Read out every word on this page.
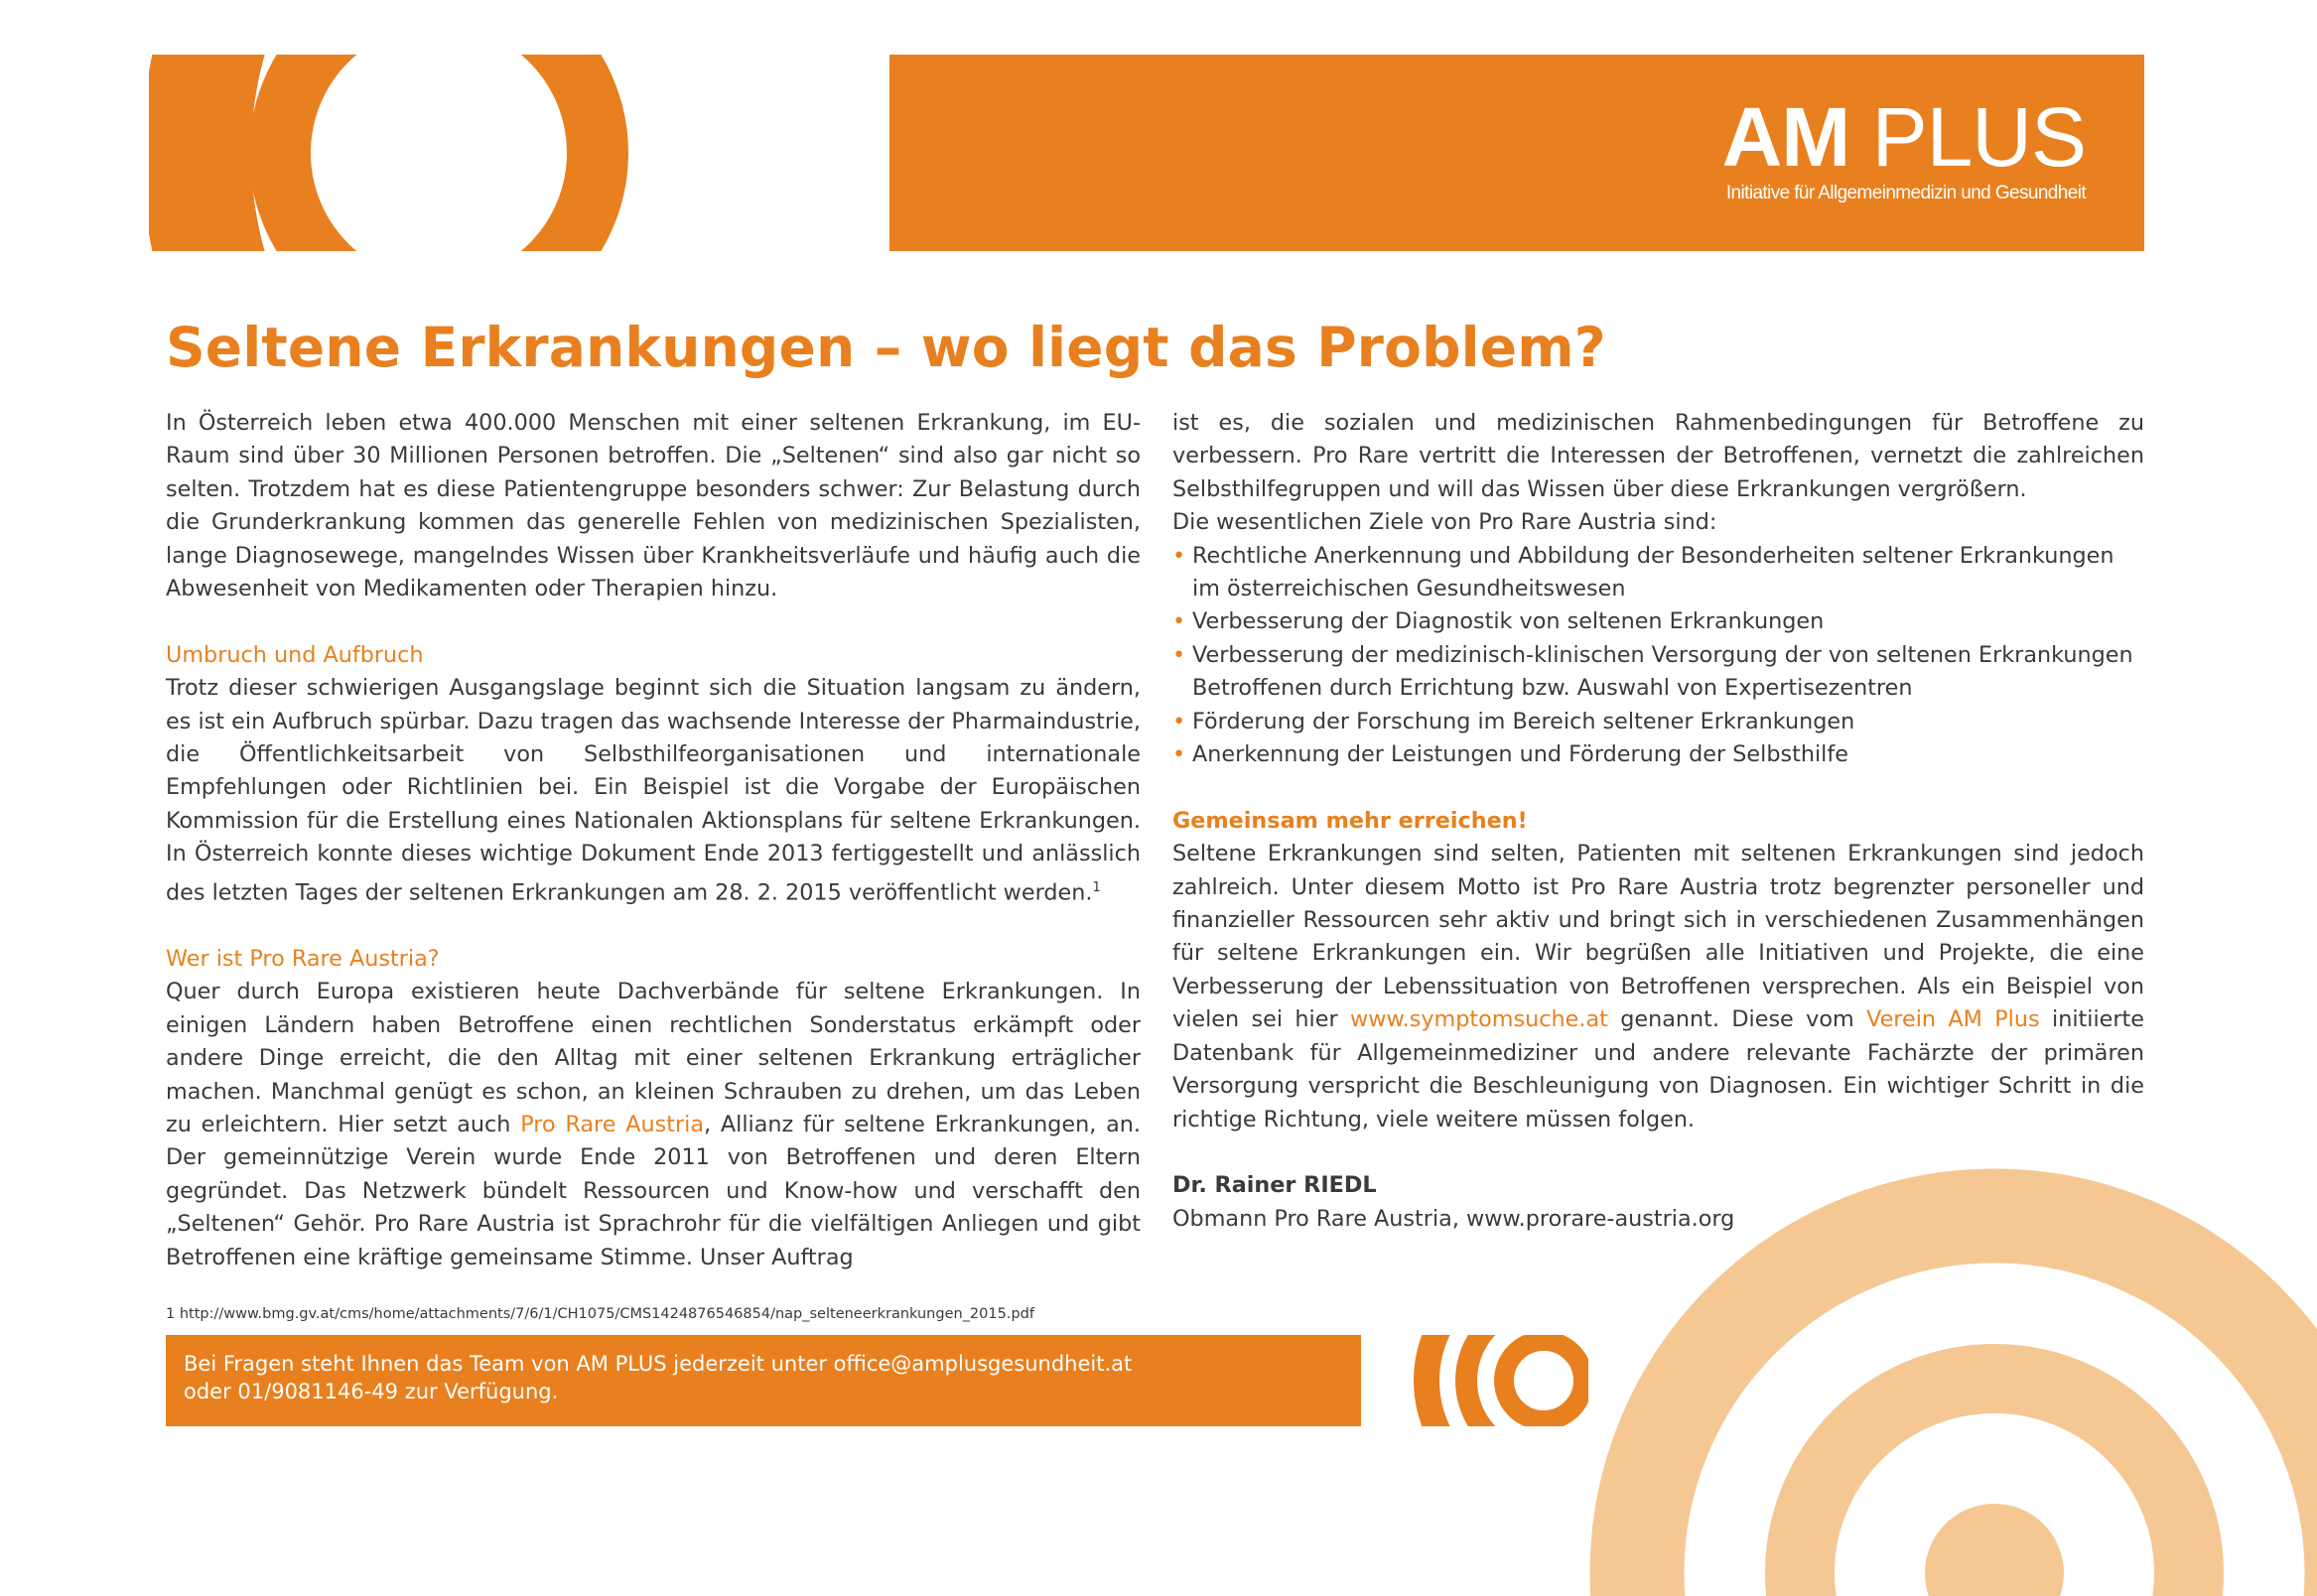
AM PLUS
Initiative für Allgemeinmedizin und Gesundheit
Seltene Erkrankungen – wo liegt das Problem?

In Österreich leben etwa 400.000 Menschen mit einer seltenen Erkrankung, im EU-Raum sind über 30 Millionen Personen betroffen. Die „Seltenen“ sind also gar nicht so selten. Trotzdem hat es diese Patientengruppe besonders schwer: Zur Belastung durch die Grunderkrankung kommen das generelle Fehlen von medizinischen Spezialisten, lange Diagnosewege, mangelndes Wissen über Krankheitsverläufe und häufig auch die Abwesenheit von Medikamenten oder Therapien hinzu.

Umbruch und Aufbruch

Trotz dieser schwierigen Ausgangslage beginnt sich die Situation langsam zu ändern, es ist ein Aufbruch spürbar. Dazu tragen das wachsende Interesse der Pharmaindustrie, die Öffentlichkeitsarbeit von Selbsthilfeorganisationen und internationale Empfehlungen oder Richtlinien bei. Ein Beispiel ist die Vorgabe der Europäischen Kommission für die Erstellung eines Nationalen Aktionsplans für seltene Erkrankungen. In Österreich konnte dieses wichtige Dokument Ende 2013 fertiggestellt und anlässlich des letzten Tages der seltenen Erkrankungen am 28. 2. 2015 veröffentlicht werden.$^1$

Wer ist Pro Rare Austria?

Quer durch Europa existieren heute Dachverbände für seltene Erkrankungen. In einigen Ländern haben Betroffene einen rechtlichen Sonderstatus erkämpft oder andere Dinge erreicht, die den Alltag mit einer seltenen Erkrankung erträglicher machen. Manchmal genügt es schon, an kleinen Schrauben zu drehen, um das Leben zu erleichtern. Hier setzt auch Pro Rare Austria, Allianz für seltene Erkrankungen, an. Der gemeinnützige Verein wurde Ende 2011 von Betroffenen und deren Eltern gegründet. Das Netzwerk bündelt Ressourcen und Know-how und verschafft den „Seltenen“ Gehör. Pro Rare Austria ist Sprachrohr für die vielfältigen Anliegen und gibt Betroffenen eine kräftige gemeinsame Stimme. Unser Auftrag

ist es, die sozialen und medizinischen Rahmenbedingungen für Betroffene zu verbessern. Pro Rare vertritt die Interessen der Betroffenen, vernetzt die zahlreichen Selbsthilfegruppen und will das Wissen über diese Erkrankungen vergrößern.

Die wesentlichen Ziele von Pro Rare Austria sind:

• Rechtliche Anerkennung und Abbildung der Besonderheiten seltener Erkrankungen im österreichischen Gesundheitswesen
• Verbesserung der Diagnostik von seltenen Erkrankungen
• Verbesserung der medizinisch-klinischen Versorgung der von seltenen Erkrankungen Betroffenen durch Errichtung bzw. Auswahl von Expertisezentren
• Förderung der Forschung im Bereich seltener Erkrankungen
• Anerkennung der Leistungen und Förderung der Selbsthilfe
Gemeinsam mehr erreichen!

Seltene Erkrankungen sind selten, Patienten mit seltenen Erkrankungen sind jedoch zahlreich. Unter diesem Motto ist Pro Rare Austria trotz begrenzter personeller und finanzieller Ressourcen sehr aktiv und bringt sich in verschiedenen Zusammenhängen für seltene Erkrankungen ein. Wir begrüßen alle Initiativen und Projekte, die eine Verbesserung der Lebenssituation von Betroffenen versprechen. Als ein Beispiel von vielen sei hier www.symptomsuche.at genannt. Diese vom Verein AM Plus initiierte Datenbank für Allgemeinmediziner und andere relevante Fachärzte der primären Versorgung verspricht die Beschleunigung von Diagnosen. Ein wichtiger Schritt in die richtige Richtung, viele weitere müssen folgen.

Dr. Rainer RIEDL

Obmann Pro Rare Austria, www.prorare-austria.org

1 http://www.bmg.gv.at/cms/home/attachments/7/6/1/CH1075/CMS1424876546854/nap_selteneerkrankungen_2015.pdf
Bei Fragen steht Ihnen das Team von AM PLUS jederzeit unter office@amplusgesundheit.at
oder 01/9081146-49 zur Verfügung.
